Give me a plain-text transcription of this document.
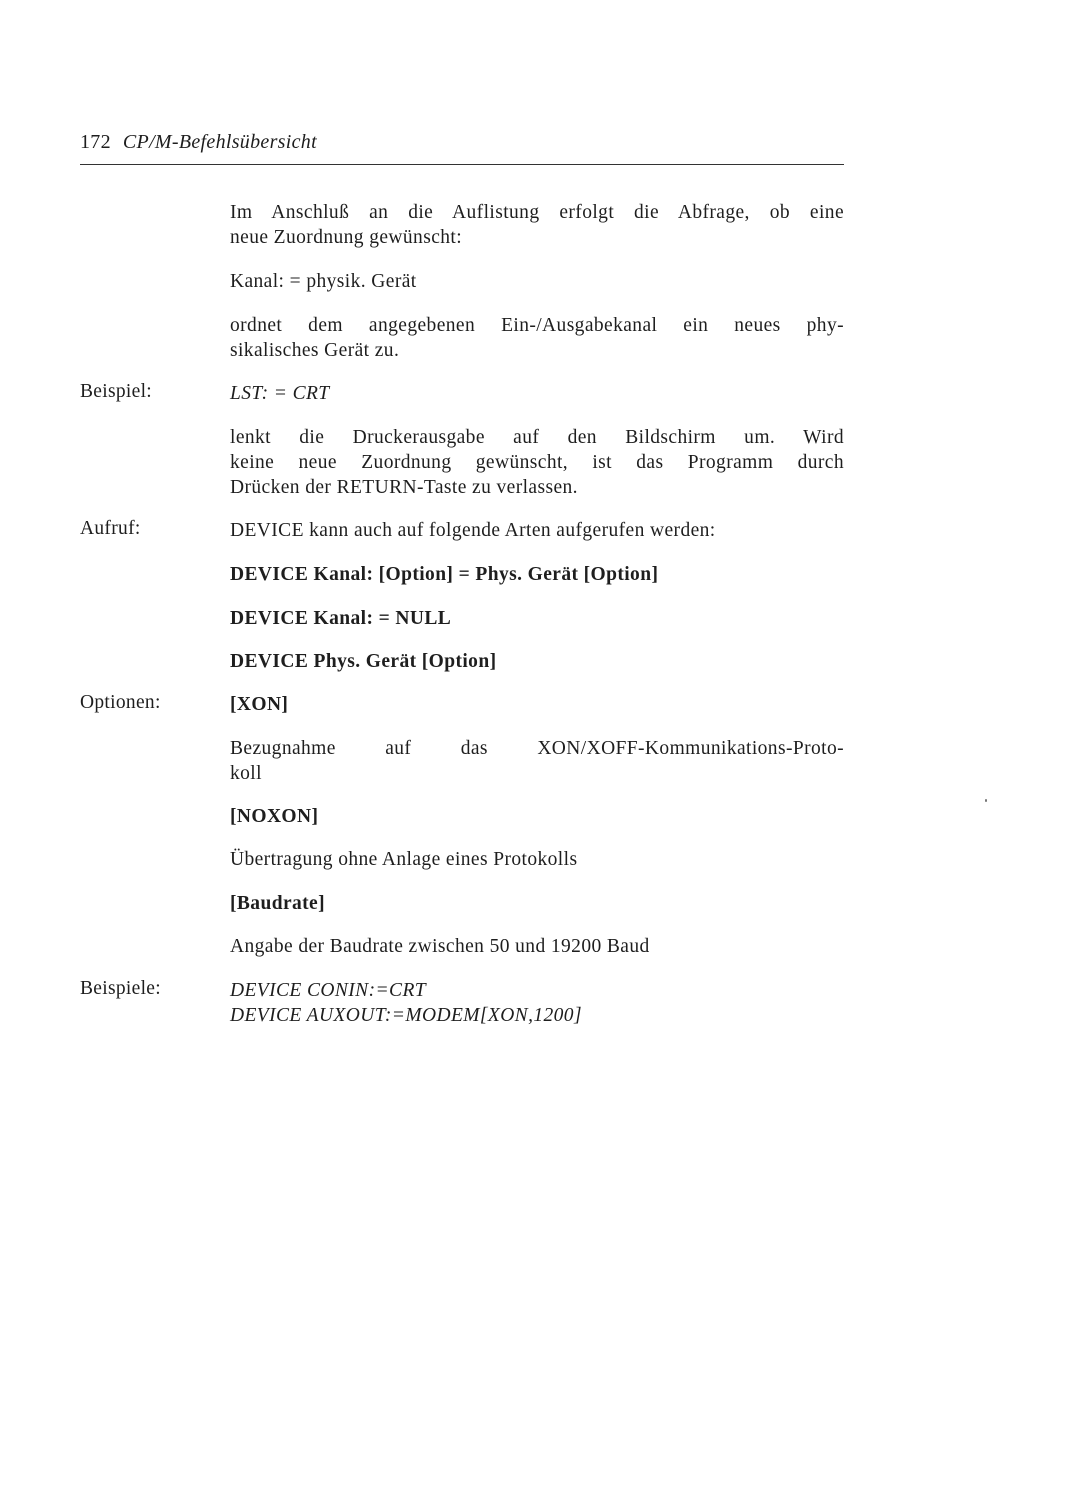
172 CP/M-Befehlsübersicht
Im Anschluß an die Auflistung erfolgt die Abfrage, ob eine
neue Zuordnung gewünscht:
Kanal: = physik. Gerät
ordnet dem angegebenen Ein-/Ausgabekanal ein neues phy-
sikalisches Gerät zu.
Beispiel:	LST: = CRT
lenkt die Druckerausgabe auf den Bildschirm um. Wird
keine neue Zuordnung gewünscht, ist das Programm durch
Drücken der RETURN-Taste zu verlassen.
Aufruf:	DEVICE kann auch auf folgende Arten aufgerufen werden:
DEVICE Kanal: [Option] = Phys. Gerät [Option]
DEVICE Kanal: = NULL
DEVICE Phys. Gerät [Option]
Optionen:	[XON]
Bezugnahme auf das XON/XOFF-Kommunikations-Proto-
koll
[NOXON]
Übertragung ohne Anlage eines Protokolls
[Baudrate]
Angabe der Baudrate zwischen 50 und 19200 Baud
Beispiele:	DEVICE CONIN:=CRT
DEVICE AUXOUT:=MODEM[XON,1200]
